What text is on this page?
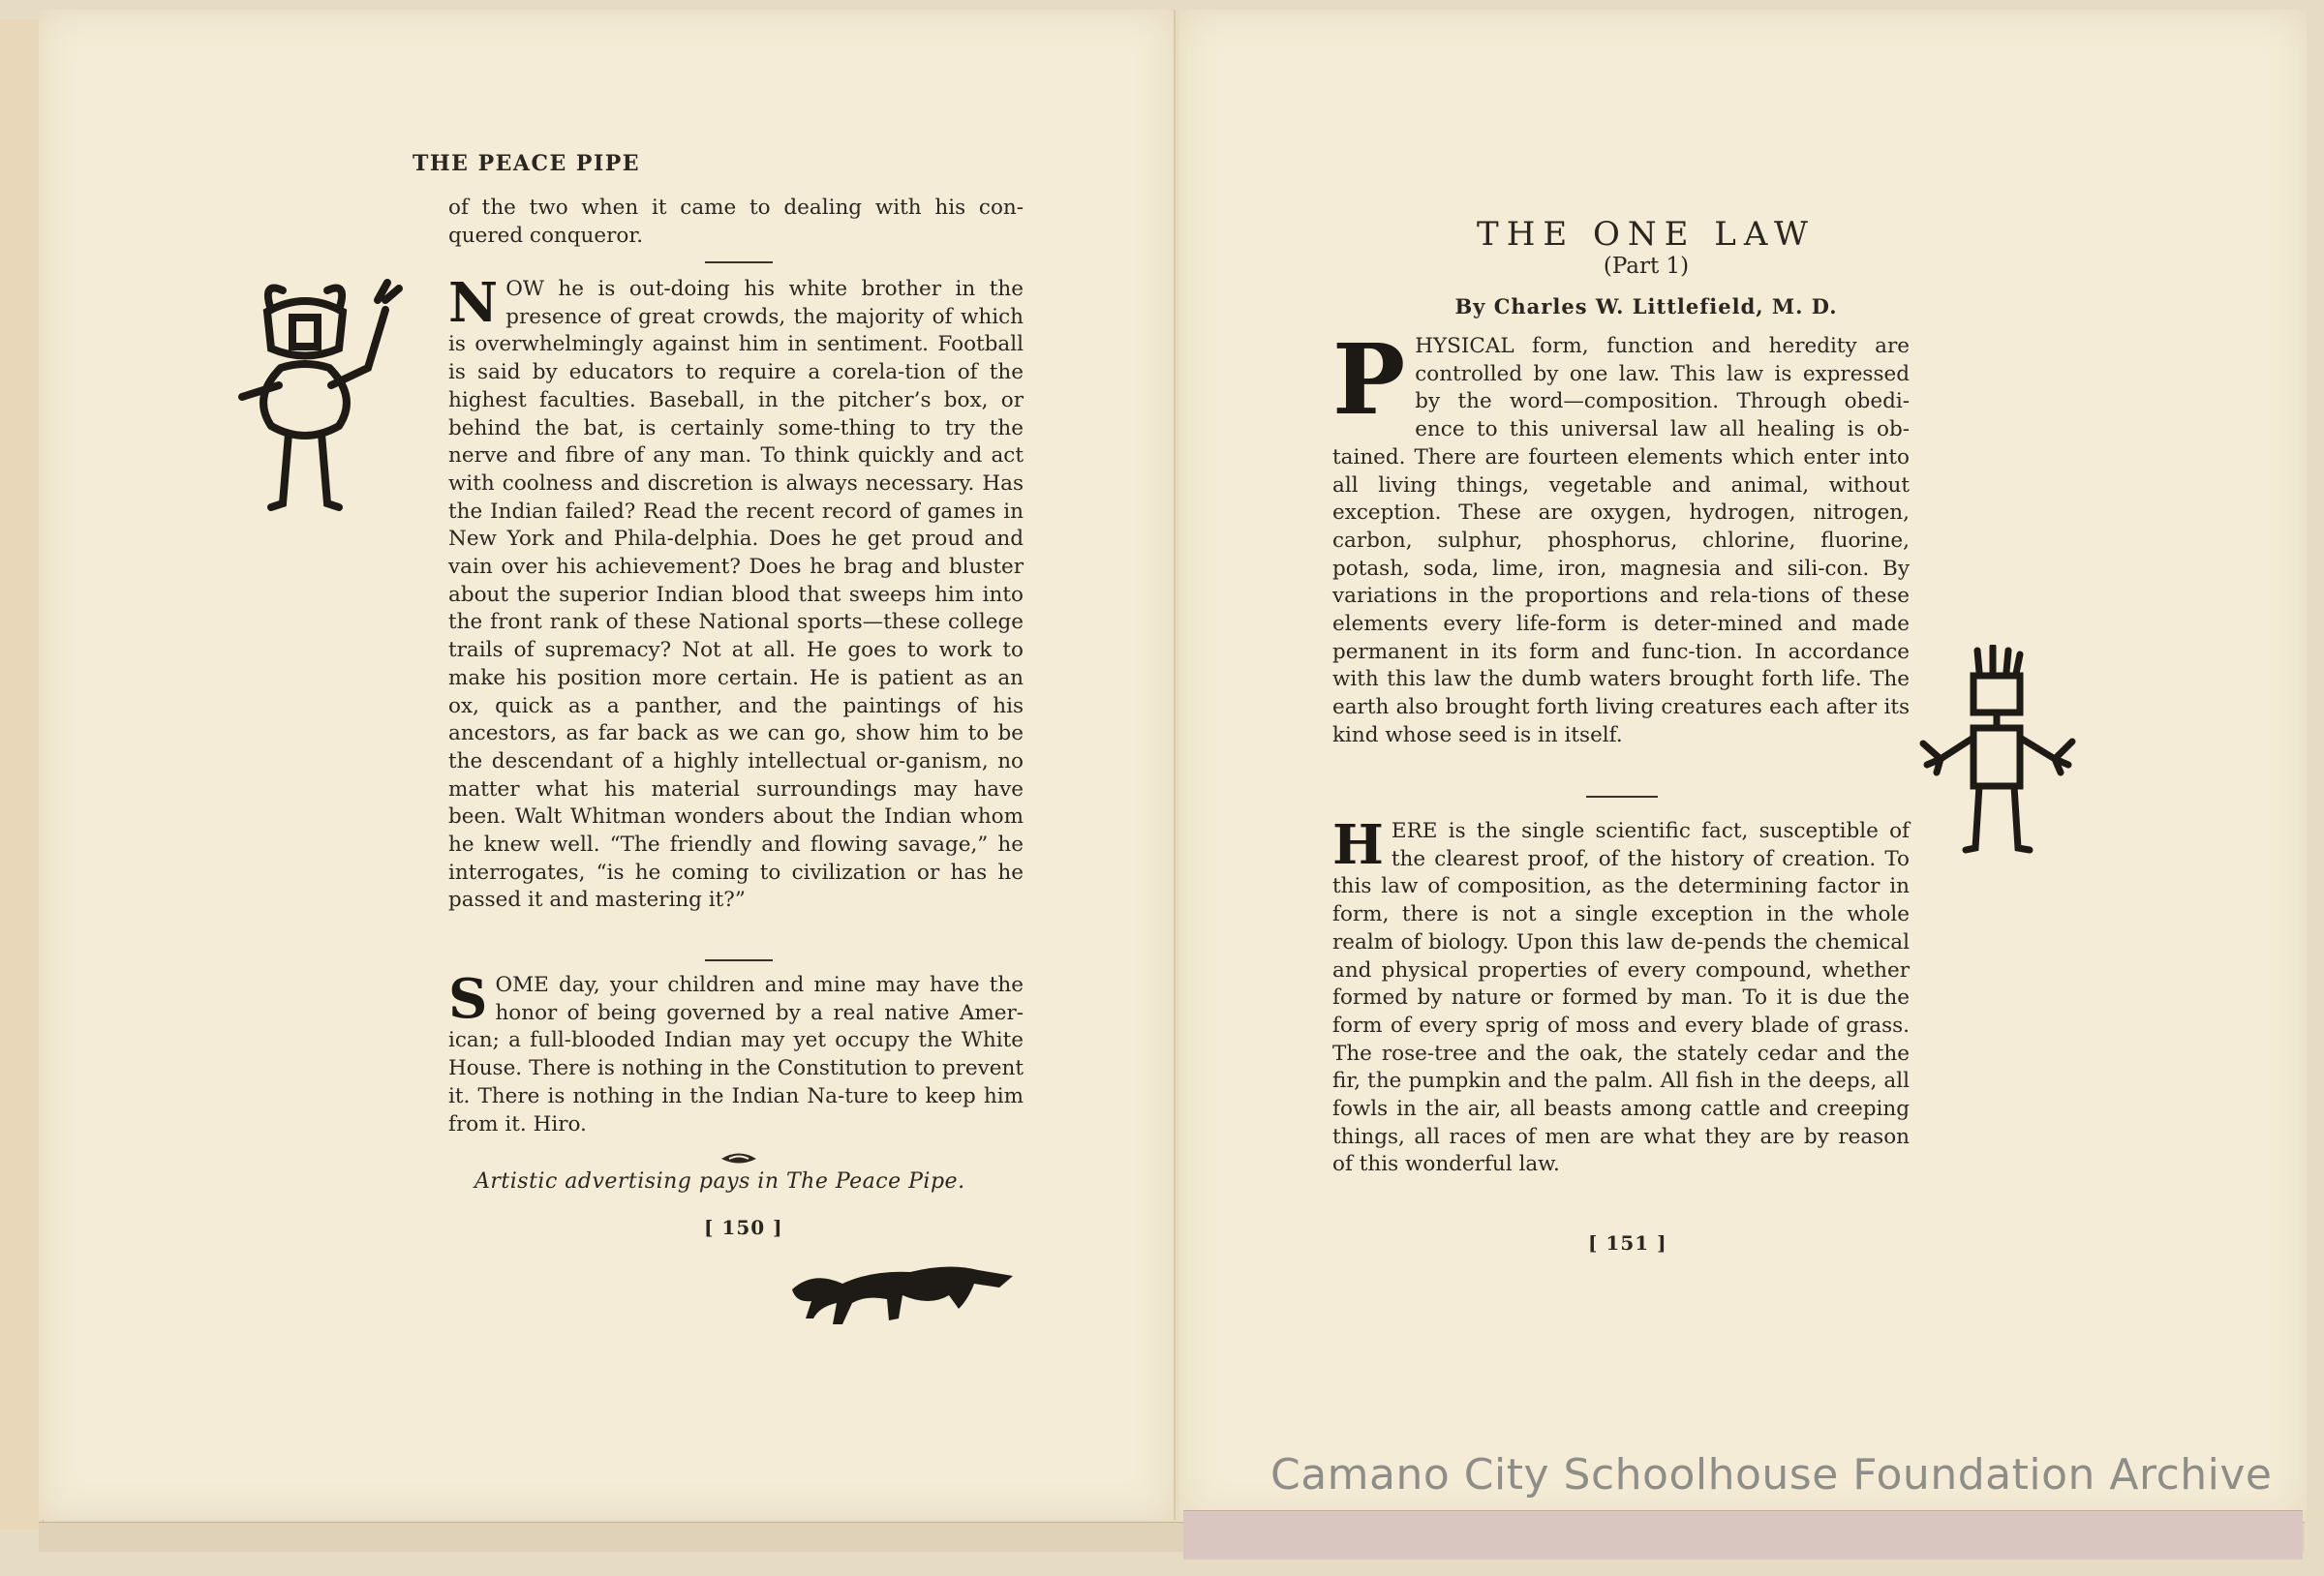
THE PEACE PIPE

of the two when it came to dealing with his con-quered conqueror.

N OW he is out-doing his white brother in the presence of great crowds, the majority of which is overwhelmingly against him in sentiment. Football is said by educators to require a corela-tion of the highest faculties. Baseball, in the pitcher’s box, or behind the bat, is certainly some-thing to try the nerve and fibre of any man. To think quickly and act with coolness and discretion is always necessary. Has the Indian failed? Read the recent record of games in New York and Phila-delphia. Does he get proud and vain over his achievement? Does he brag and bluster about the superior Indian blood that sweeps him into the front rank of these National sports—these college trails of supremacy? Not at all. He goes to work to make his position more certain. He is patient as an ox, quick as a panther, and the paintings of his ancestors, as far back as we can go, show him to be the descendant of a highly intellectual or-ganism, no matter what his material surroundings may have been. Walt Whitman wonders about the Indian whom he knew well. “The friendly and flowing savage,” he interrogates, “is he coming to civilization or has he passed it and mastering it?”
S OME day, your children and mine may have the honor of being governed by a real native Amer-ican; a full-blooded Indian may yet occupy the White House. There is nothing in the Constitution to prevent it. There is nothing in the Indian Na-ture to keep him from it. Hiro.
Artistic advertising pays in The Peace Pipe.
[ 150 ]
THE ONE LAW
(Part 1)
By Charles W. Littlefield, M. D.
P HYSICAL form, function and heredity are controlled by one law. This law is expressed by the word—composition. Through obedi-ence to this universal law all healing is ob-tained. There are fourteen elements which enter into all living things, vegetable and animal, without exception. These are oxygen, hydrogen, nitrogen, carbon, sulphur, phosphorus, chlorine, fluorine, potash, soda, lime, iron, magnesia and sili-con. By variations in the proportions and rela-tions of these elements every life-form is deter-mined and made permanent in its form and func-tion. In accordance with this law the dumb waters brought forth life. The earth also brought forth living creatures each after its kind whose seed is in itself.
H ERE is the single scientific fact, susceptible of the clearest proof, of the history of creation. To this law of composition, as the determining factor in form, there is not a single exception in the whole realm of biology. Upon this law de-pends the chemical and physical properties of every compound, whether formed by nature or formed by man. To it is due the form of every sprig of moss and every blade of grass. The rose-tree and the oak, the stately cedar and the fir, the pumpkin and the palm. All fish in the deeps, all fowls in the air, all beasts among cattle and creeping things, all races of men are what they are by reason of this wonderful law.
[ 151 ]
Camano City Schoolhouse Foundation Archive
